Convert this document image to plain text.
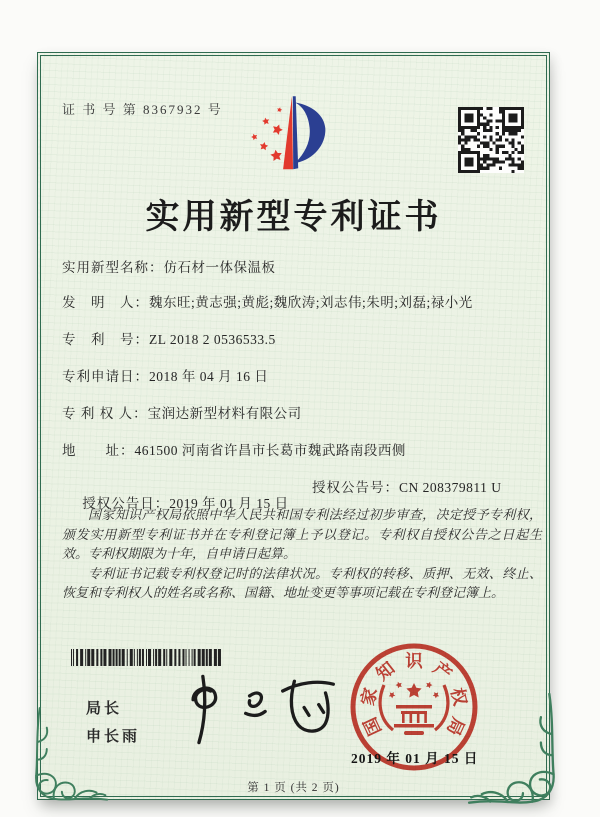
证 书 号 第 8367932 号
实用新型专利证书
实用新型名称：仿石材一体保温板
发　明　人：魏东旺;黄志强;黄彪;魏欣涛;刘志伟;朱明;刘磊;禄小光
专　利　号：ZL 2018 2 0536533.5
专利申请日：2018 年 04 月 16 日
专 利 权 人：宝润达新型材料有限公司
地　　址：461500 河南省许昌市长葛市魏武路南段西侧

授权公告日：2019 年 01 月 15 日

授权公告号：CN 208379811 U

国家知识产权局依照中华人民共和国专利法经过初步审查，决定授予专利权，颁发实用新型专利证书并在专利登记簿上予以登记。专利权自授权公告之日起生效。专利权期限为十年，自申请日起算。

专利证书记载专利权登记时的法律状况。专利权的转移、质押、无效、终止、恢复和专利权人的姓名或名称、国籍、地址变更等事项记载在专利登记簿上。

局长
申长雨	国
家
知 识 产
权
局
2019 年 01 月 15 日
第 1 页 (共 2 页)
